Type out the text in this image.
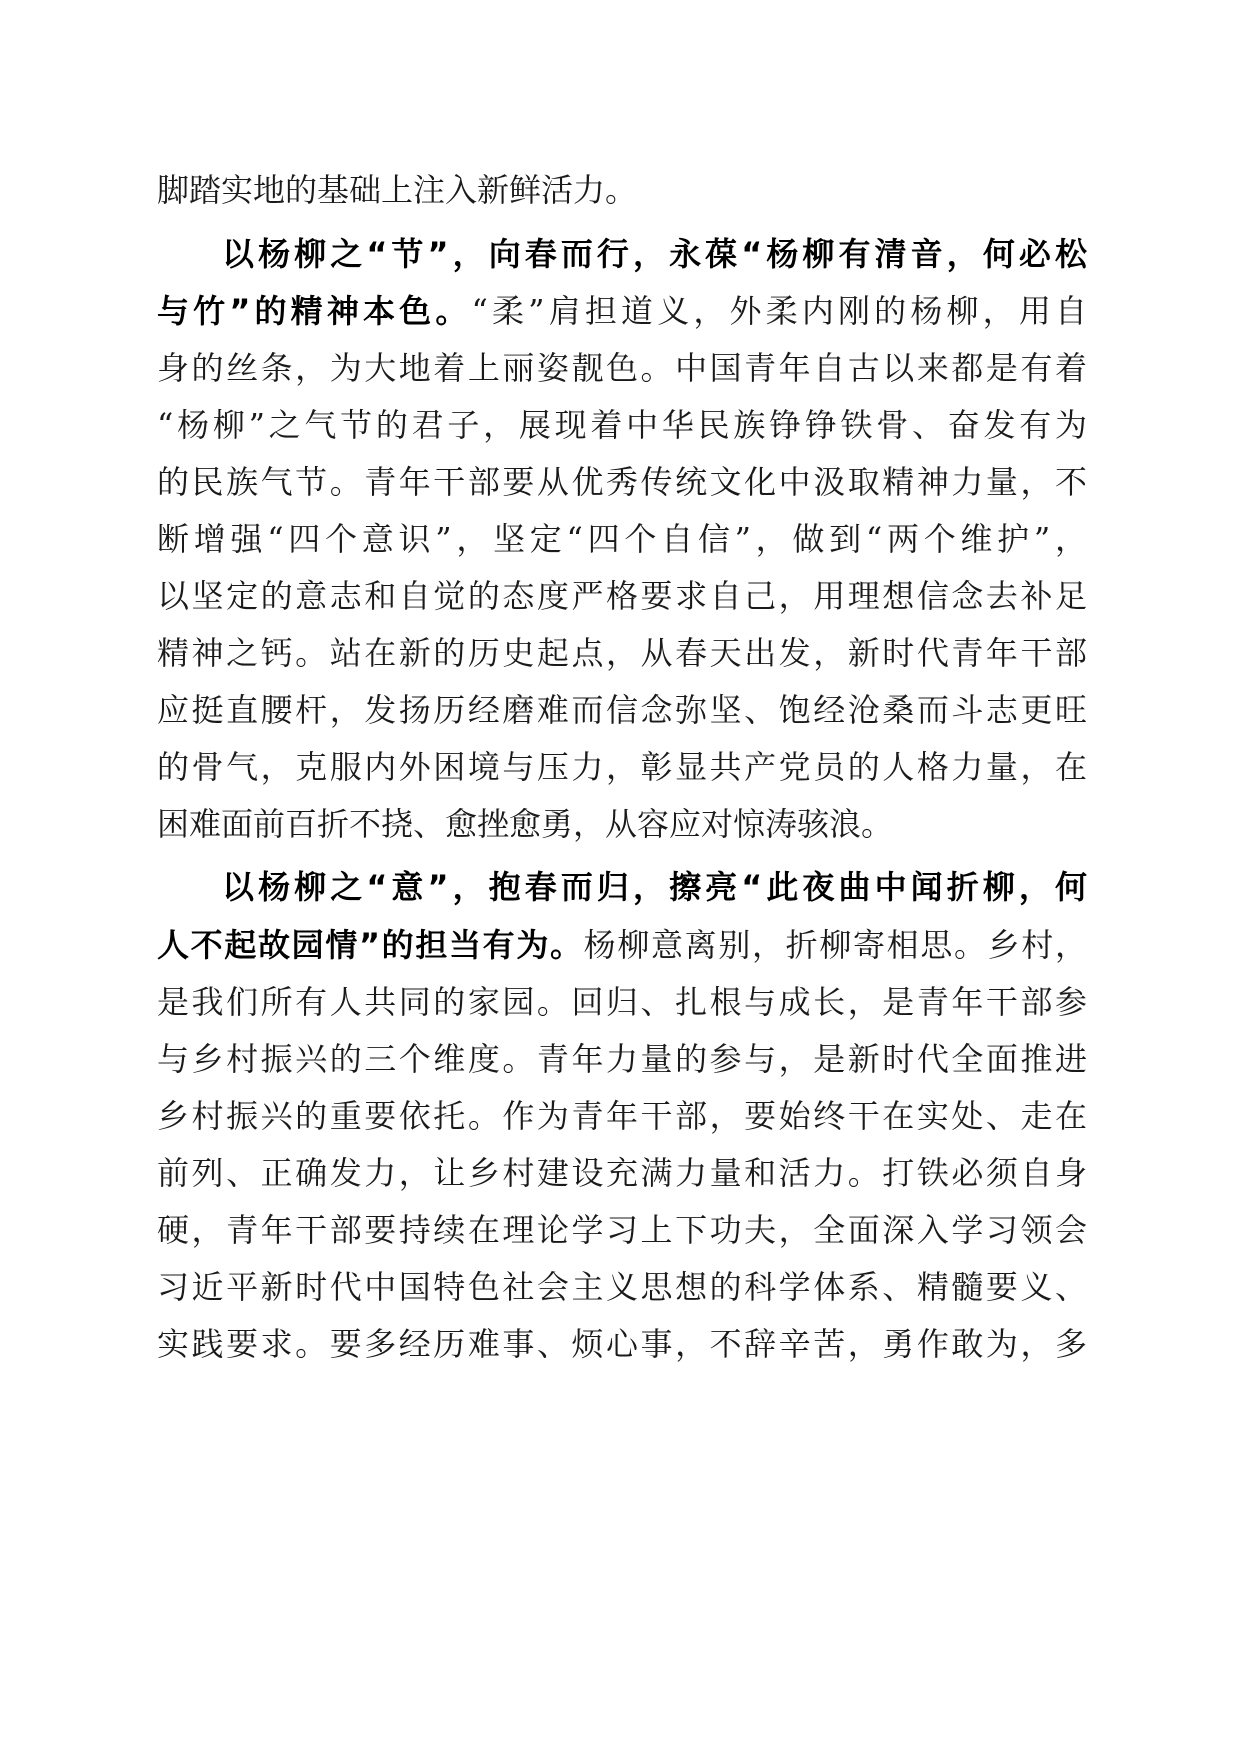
脚踏实地的基础上注入新鲜活力。
以杨柳之“节”，向春而行，永葆“杨柳有清音，何必松
与竹”的精神本色。“柔”肩担道义，外柔内刚的杨柳，用自
身的丝条，为大地着上丽姿靓色。中国青年自古以来都是有着
“杨柳”之气节的君子，展现着中华民族铮铮铁骨、奋发有为
的民族气节。青年干部要从优秀传统文化中汲取精神力量，不
断增强“四个意识”，坚定“四个自信”，做到“两个维护”，
以坚定的意志和自觉的态度严格要求自己，用理想信念去补足
精神之钙。站在新的历史起点，从春天出发，新时代青年干部
应挺直腰杆，发扬历经磨难而信念弥坚、饱经沧桑而斗志更旺
的骨气，克服内外困境与压力，彰显共产党员的人格力量，在
困难面前百折不挠、愈挫愈勇，从容应对惊涛骇浪。
以杨柳之“意”，抱春而归，擦亮“此夜曲中闻折柳，何
人不起故园情”的担当有为。杨柳意离别，折柳寄相思。乡村，
是我们所有人共同的家园。回归、扎根与成长，是青年干部参
与乡村振兴的三个维度。青年力量的参与，是新时代全面推进
乡村振兴的重要依托。作为青年干部，要始终干在实处、走在
前列、正确发力，让乡村建设充满力量和活力。打铁必须自身
硬，青年干部要持续在理论学习上下功夫，全面深入学习领会
习近平新时代中国特色社会主义思想的科学体系、精髓要义、
实践要求。要多经历难事、烦心事，不辞辛苦，勇作敢为，多
